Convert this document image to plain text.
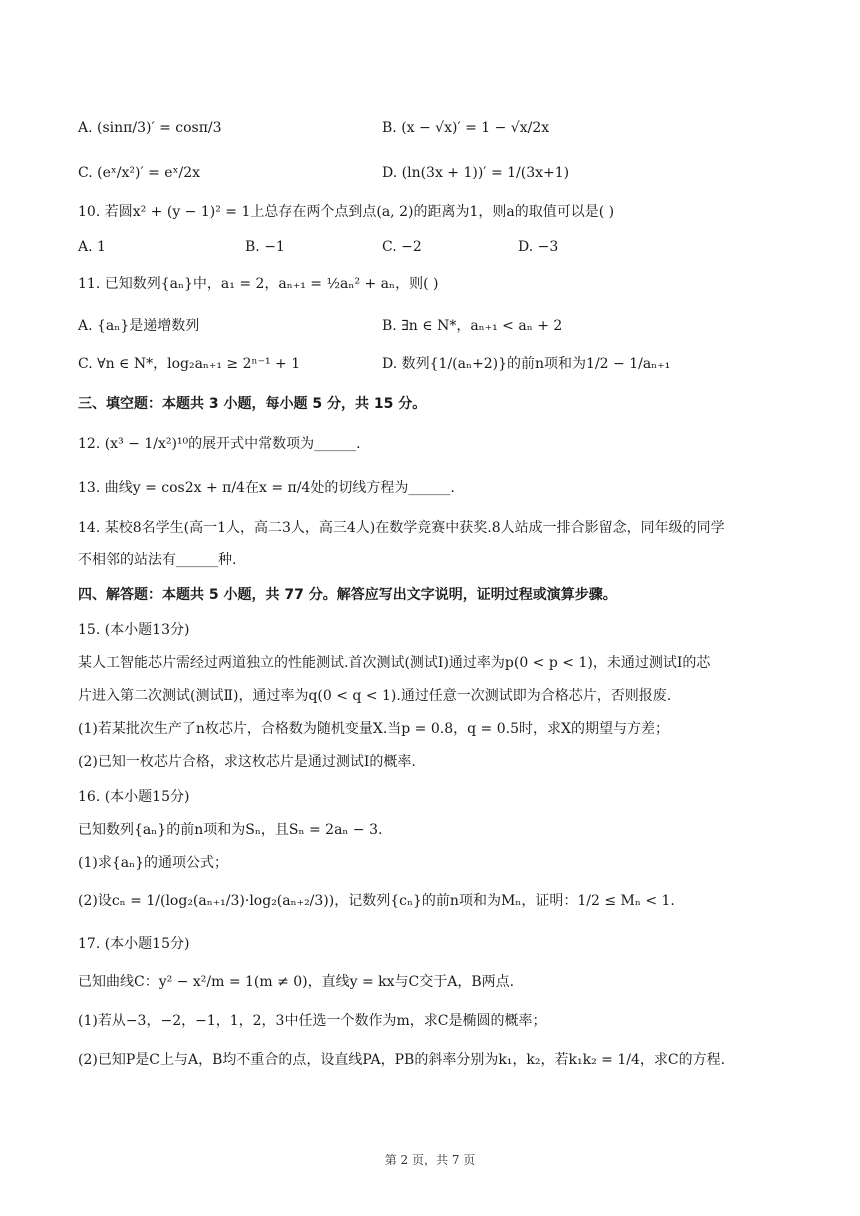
A. (sinπ/3)′ = cosπ/3	B. (x − √x)′ = 1 − √x/2x
C. (eˣ/x²)′ = eˣ/2x	D. (ln(3x + 1))′ = 1/(3x+1)
10. 若圆x² + (y − 1)² = 1上总存在两个点到点(a, 2)的距离为1，则a的取值可以是( )
A. 1	B. −1	C. −2	D. −3
11. 已知数列{aₙ}中，a₁ = 2，aₙ₊₁ = ½aₙ² + aₙ，则( )
A. {aₙ}是递增数列	B. ∃n ∈ N*，aₙ₊₁ < aₙ + 2
C. ∀n ∈ N*，log₂aₙ₊₁ ≥ 2ⁿ⁻¹ + 1	D. 数列{1/(aₙ+2)}的前n项和为1/2 − 1/aₙ₊₁
三、填空题：本题共 3 小题，每小题 5 分，共 15 分。
12. (x³ − 1/x²)¹⁰的展开式中常数项为______.
13. 曲线y = cos2x + π/4在x = π/4处的切线方程为______.
14. 某校8名学生(高一1人，高二3人，高三4人)在数学竞赛中获奖.8人站成一排合影留念，同年级的同学
不相邻的站法有______种.
四、解答题：本题共 5 小题，共 77 分。解答应写出文字说明，证明过程或演算步骤。
15. (本小题13分)
某人工智能芯片需经过两道独立的性能测试.首次测试(测试Ⅰ)通过率为p(0 < p < 1)，未通过测试Ⅰ的芯
片进入第二次测试(测试Ⅱ)，通过率为q(0 < q < 1).通过任意一次测试即为合格芯片，否则报废.
(1)若某批次生产了n枚芯片，合格数为随机变量X.当p = 0.8，q = 0.5时，求X的期望与方差；
(2)已知一枚芯片合格，求这枚芯片是通过测试Ⅰ的概率.
16. (本小题15分)
已知数列{aₙ}的前n项和为Sₙ，且Sₙ = 2aₙ − 3.
(1)求{aₙ}的通项公式；
(2)设cₙ = 1/(log₂(aₙ₊₁/3)·log₂(aₙ₊₂/3))，记数列{cₙ}的前n项和为Mₙ，证明：1/2 ≤ Mₙ < 1.
17. (本小题15分)
已知曲线C：y² − x²/m = 1(m ≠ 0)，直线y = kx与C交于A，B两点.
(1)若从−3，−2，−1，1，2，3中任选一个数作为m，求C是椭圆的概率；
(2)已知P是C上与A，B均不重合的点，设直线PA，PB的斜率分别为k₁，k₂，若k₁k₂ = 1/4，求C的方程.
第 2 页，共 7 页
